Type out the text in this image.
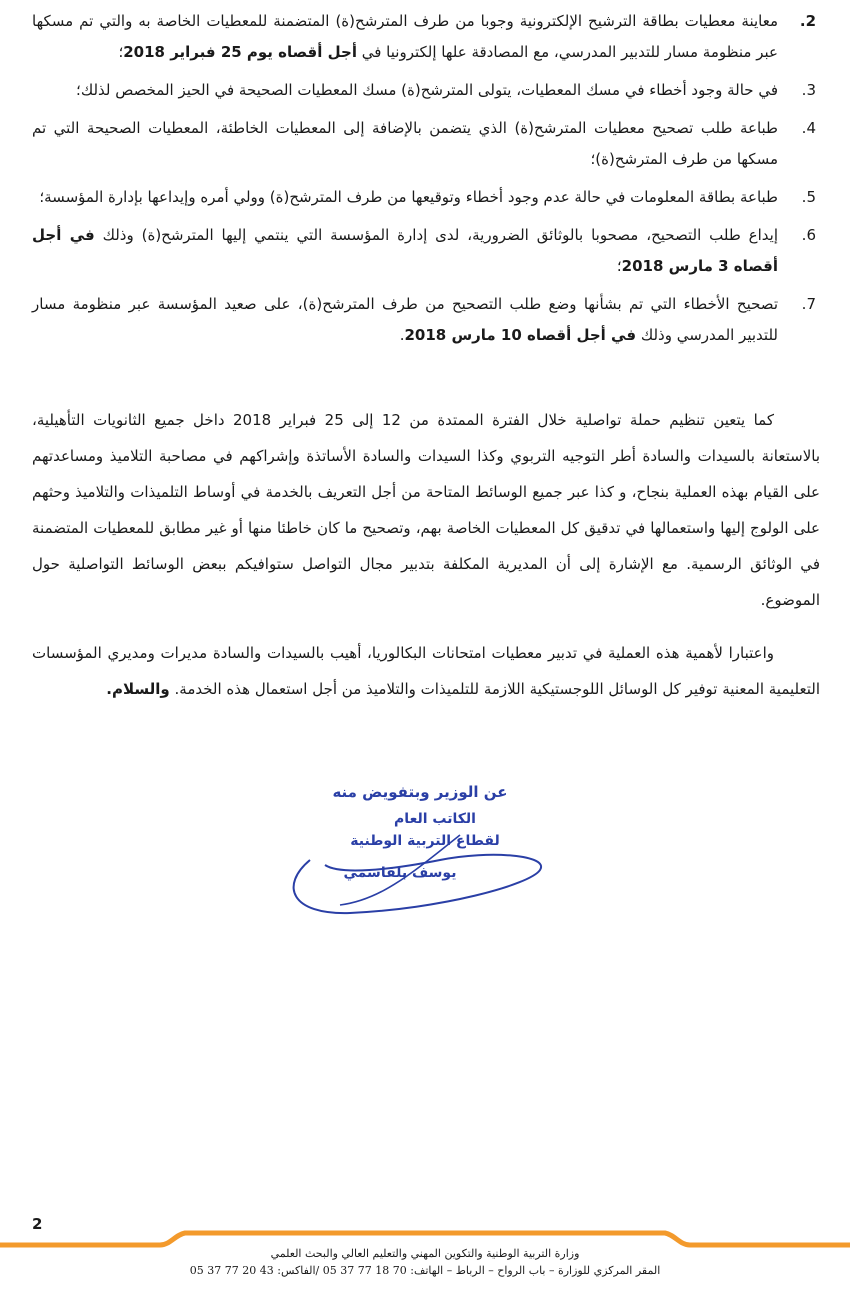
2.
معاينة معطيات بطاقة الترشيح الإلكترونية وجوبا من طرف المترشح(ة) المتضمنة للمعطيات الخاصة به والتي تم مسكها عبر منظومة مسار للتدبير المدرسي، مع المصادقة علها إلكترونيا في أجل أقصاه يوم 25 فبراير 2018؛
3.
في حالة وجود أخطاء في مسك المعطيات، يتولى المترشح(ة) مسك المعطيات الصحيحة في الحيز المخصص لذلك؛
4.
طباعة طلب تصحيح معطيات المترشح(ة) الذي يتضمن بالإضافة إلى المعطيات الخاطئة، المعطيات الصحيحة التي تم مسكها من طرف المترشح(ة)؛
5.
طباعة بطاقة المعلومات في حالة عدم وجود أخطاء وتوقيعها من طرف المترشح(ة) وولي أمره وإيداعها بإدارة المؤسسة؛
6.
إيداع طلب التصحيح، مصحوبا بالوثائق الضرورية، لدى إدارة المؤسسة التي ينتمي إليها المترشح(ة) وذلك في أجل أقصاه 3 مارس 2018؛
7.
تصحيح الأخطاء التي تم بشأنها وضع طلب التصحيح من طرف المترشح(ة)، على صعيد المؤسسة عبر منظومة مسار للتدبير المدرسي وذلك في أجل أقصاه 10 مارس 2018.

كما يتعين تنظيم حملة تواصلية خلال الفترة الممتدة من 12 إلى 25 فبراير 2018 داخل جميع الثانويات التأهيلية، بالاستعانة بالسيدات والسادة أطر التوجيه التربوي وكذا السيدات والسادة الأساتذة وإشراكهم في مصاحبة التلاميذ ومساعدتهم على القيام بهذه العملية بنجاح، و كذا عبر جميع الوسائط المتاحة من أجل التعريف بالخدمة في أوساط التلميذات والتلاميذ وحثهم على الولوج إليها واستعمالها في تدقيق كل المعطيات الخاصة بهم، وتصحيح ما كان خاطئا منها أو غير مطابق للمعطيات المتضمنة في الوثائق الرسمية. مع الإشارة إلى أن المديرية المكلفة بتدبير مجال التواصل ستوافيكم ببعض الوسائط التواصلية حول الموضوع.

واعتبارا لأهمية هذه العملية في تدبير معطيات امتحانات البكالوريا، أهيب بالسيدات والسادة مديرات ومديري المؤسسات التعليمية المعنية توفير كل الوسائل اللوجستيكية اللازمة للتلميذات والتلاميذ من أجل استعمال هذه الخدمة. والسلام.

عن الوزير وبتفويض منه
الكاتب العام
لقطاع التربية الوطنية
يوسف بلقاسمي
2
وزارة التربية الوطنية والتكوين المهني والتعليم العالي والبحث العلمي
المقر المركزي للوزارة – باب الرواح – الرباط – الهاتف: 70 18 77 37 05 /الفاكس: 43 20 77 37 05
